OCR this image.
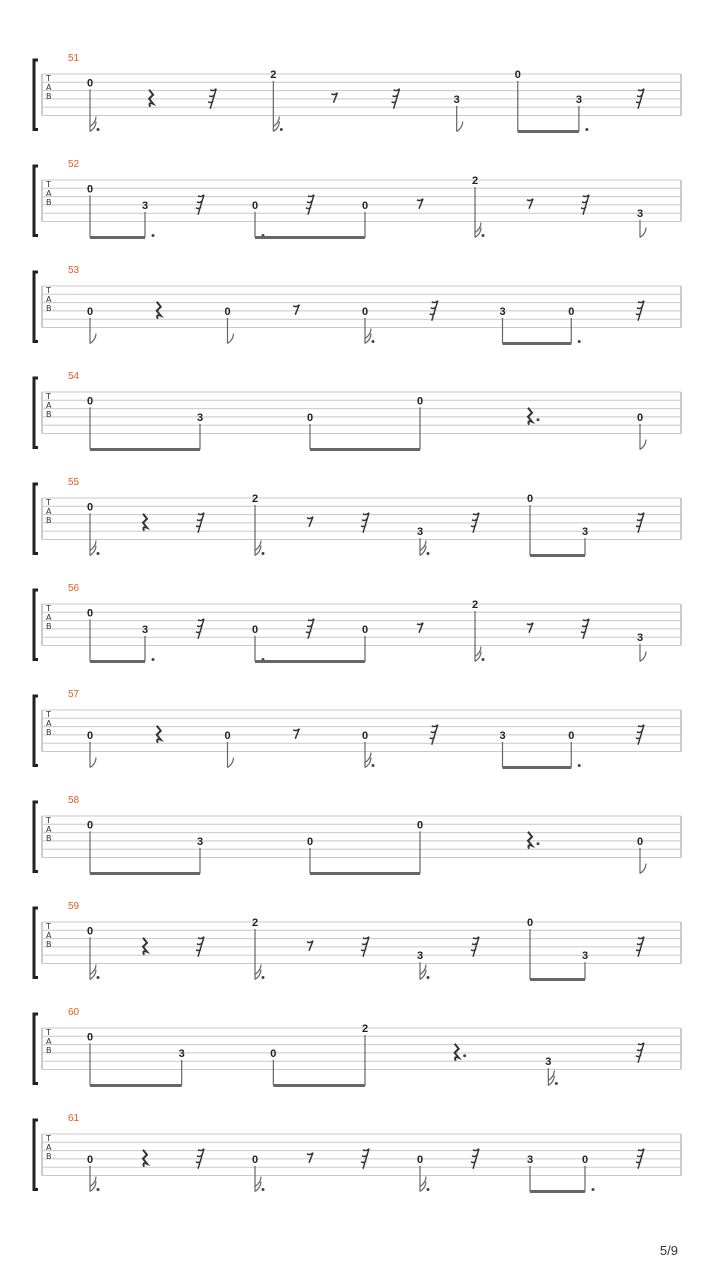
T
A
B
51
0
2
3
0
3
T
A
B
52
0
3	0	0
2
3
T
A
B
53
0	0	0	3	0
T
A
B
54
0
3	0
0
0
T
A
B
55
0
2
3
0
3
T
A
B
56
0
3	0	0
2
3
T
A
B
57
0	0	0	3	0
T
A
B
58
0
3	0
0
0
T
A
B
59
0
2
3
0
3
T
A
B
60
0
3	0
2
3
T
A
B
61
0	0	0	3	0
5/9
